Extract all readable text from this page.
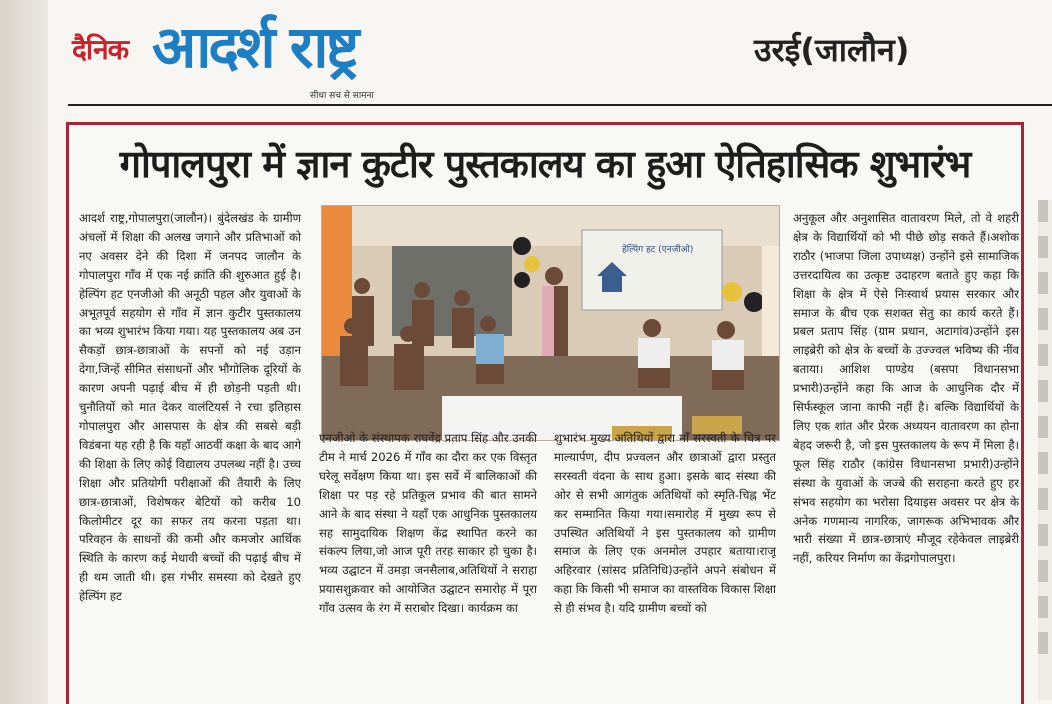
दैनिक आदर्श राष्ट्र
सीधा सच से सामना
उरई(जालौन)
गोपालपुरा में ज्ञान कुटीर पुस्तकालय का हुआ ऐतिहासिक शुभारंभ
आदर्श राष्ट्र,गोपालपुरा(जालौन)। बुंदेलखंड के ग्रामीण अंचलों में शिक्षा की अलख जगाने और प्रतिभाओं को नए अवसर देने की दिशा में जनपद जालौन के गोपालपुरा गाँव में एक नई क्रांति की शुरुआत हुई है। हेल्पिंग हट एनजीओ की अनूठी पहल और युवाओं के अभूतपूर्व सहयोग से गाँव में ज्ञान कुटीर पुस्तकालय का भव्य शुभारंभ किया गया। यह पुस्तकालय अब उन सैकड़ों छात्र-छात्राओं के सपनों को नई उड़ान देगा,जिन्हें सीमित संसाधनों और भौगोलिक दूरियों के कारण अपनी पढ़ाई बीच में ही छोड़नी पड़ती थी। चुनौतियों को मात देकर वालंटियर्स ने रचा इतिहास गोपालपुरा और आसपास के क्षेत्र की सबसे बड़ी विडंबना यह रही है कि यहाँ आठवीं कक्षा के बाद आगे की शिक्षा के लिए कोई विद्यालय उपलब्ध नहीं है। उच्च शिक्षा और प्रतियोगी परीक्षाओं की तैयारी के लिए छात्र-छात्राओं, विशेषकर बेटियों को करीब 10 किलोमीटर दूर का सफर तय करना पड़ता था। परिवहन के साधनों की कमी और कमजोर आर्थिक स्थिति के कारण कई मेधावी बच्चों की पढ़ाई बीच में ही थम जाती थी। इस गंभीर समस्या को देखते हुए हेल्पिंग हट
हेल्पिंग हट (एनजीओ)
एनजीओ के संस्थापक राघवेंद्र प्रताप सिंह और उनकी टीम ने मार्च 2026 में गाँव का दौरा कर एक विस्तृत घरेलू सर्वेक्षण किया था। इस सर्वे में बालिकाओं की शिक्षा पर पड़ रहे प्रतिकूल प्रभाव की बात सामने आने के बाद संस्था ने यहाँ एक आधुनिक पुस्तकालय सह सामुदायिक शिक्षण केंद्र स्थापित करने का संकल्प लिया,जो आज पूरी तरह साकार हो चुका है।भव्य उद्घाटन में उमड़ा जनसैलाब,अतिथियों ने सराहा प्रयासशुक्रवार को आयोजित उद्घाटन समारोह में पूरा गाँव उत्सव के रंग में सराबोर दिखा। कार्यक्रम का
शुभारंभ मुख्य अतिथियों द्वारा माँ सरस्वती के चित्र पर माल्यार्पण, दीप प्रज्वलन और छात्राओं द्वारा प्रस्तुत सरस्वती वंदना के साथ हुआ। इसके बाद संस्था की ओर से सभी आगंतुक अतिथियों को स्मृति-चिह्न भेंट कर सम्मानित किया गया।समारोह में मुख्य रूप से उपस्थित अतिथियों ने इस पुस्तकालय को ग्रामीण समाज के लिए एक अनमोल उपहार बताया।राजू अहिरवार (सांसद प्रतिनिधि)उन्होंने अपने संबोधन में कहा कि किसी भी समाज का वास्तविक विकास शिक्षा से ही संभव है। यदि ग्रामीण बच्चों को
अनुकूल और अनुशासित वातावरण मिले, तो वे शहरी क्षेत्र के विद्यार्थियों को भी पीछे छोड़ सकते हैं।अशोक राठौर (भाजपा जिला उपाध्यक्ष) उन्होंने इसे सामाजिक उत्तरदायित्व का उत्कृष्ट उदाहरण बताते हुए कहा कि शिक्षा के क्षेत्र में ऐसे निःस्वार्थ प्रयास सरकार और समाज के बीच एक सशक्त सेतु का कार्य करते हैं।प्रबल प्रताप सिंह (ग्राम प्रधान, अटागांव)उन्होंने इस लाइब्रेरी को क्षेत्र के बच्चों के उज्ज्वल भविष्य की नींव बताया। आशिश पाण्डेय (बसपा विधानसभा प्रभारी)उन्होंने कहा कि आज के आधुनिक दौर में सिर्फस्कूल जाना काफी नहीं है। बल्कि विद्यार्थियों के लिए एक शांत और प्रेरक अध्ययन वातावरण का होना बेहद जरूरी है, जो इस पुस्तकालय के रूप में मिला है।फूल सिंह राठौर (कांग्रेस विधानसभा प्रभारी)उन्होंने संस्था के युवाओं के जज्बे की सराहना करते हुए हर संभव सहयोग का भरोसा दियाइस अवसर पर क्षेत्र के अनेक गणमान्य नागरिक, जागरूक अभिभावक और भारी संख्या में छात्र-छात्राएं मौजूद रहेकेवल लाइब्रेरी नहीं, करियर निर्माण का केंद्रगोपालपुरा।
